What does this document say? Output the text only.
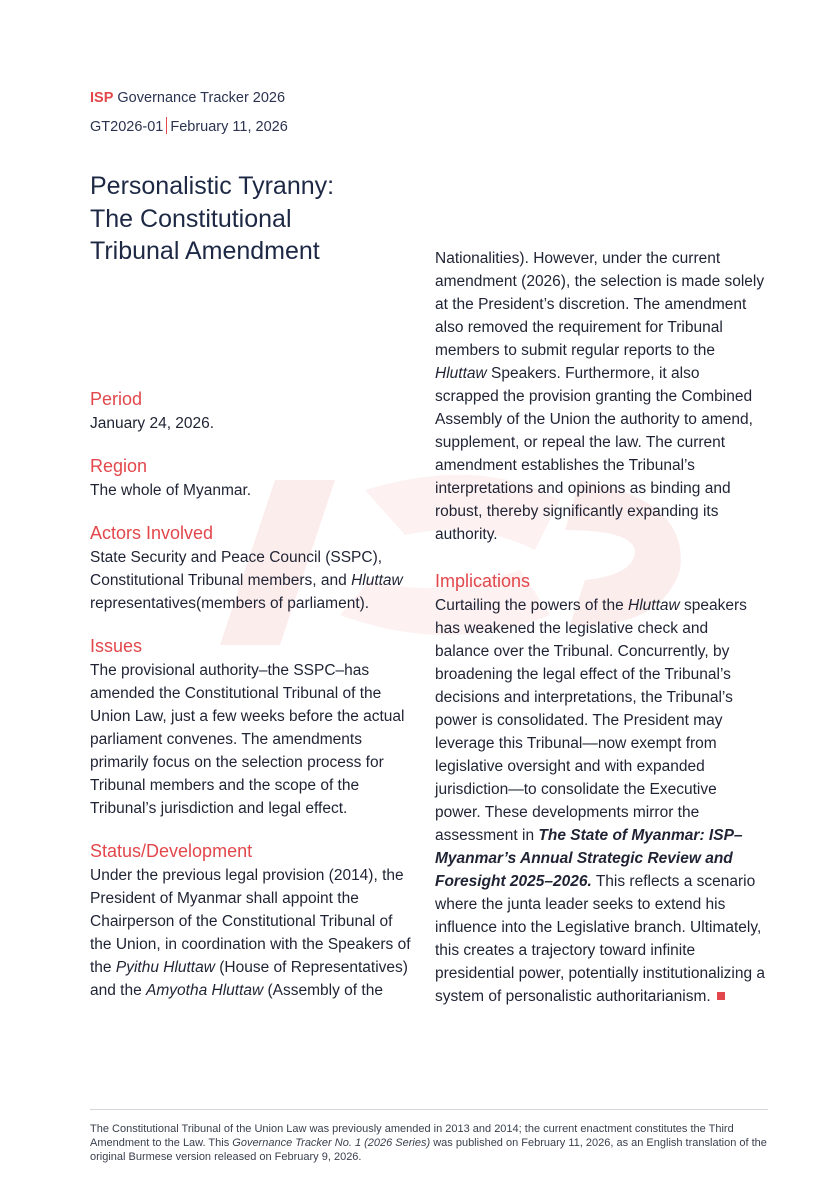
ISP Governance Tracker 2026
GT2026-01 February 11, 2026
Personalistic Tyranny:
The Constitutional
Tribunal Amendment
Period

January 24, 2026.

Region

The whole of Myanmar.

Actors Involved

State Security and Peace Council (SSPC), Constitutional Tribunal members, and Hluttaw representatives(members of parliament).

Issues

The provisional authority–the SSPC–has amended the Constitutional Tribunal of the Union Law, just a few weeks before the actual parliament convenes. The amendments primarily focus on the selection process for Tribunal members and the scope of the Tribunal’s jurisdiction and legal effect.

Status/Development

Under the previous legal provision (2014), the President of Myanmar shall appoint the Chairperson of the Constitutional Tribunal of the Union, in coordination with the Speakers of the Pyithu Hluttaw (House of Representatives) and the Amyotha Hluttaw (Assembly of the

Nationalities). However, under the current amendment (2026), the selection is made solely at the President’s discretion. The amendment also removed the requirement for Tribunal members to submit regular reports to the Hluttaw Speakers. Furthermore, it also scrapped the provision granting the Combined Assembly of the Union the authority to amend, supplement, or repeal the law. The current amendment establishes the Tribunal’s interpretations and opinions as binding and robust, thereby significantly expanding its authority.

Implications

Curtailing the powers of the Hluttaw speakers has weakened the legislative check and balance over the Tribunal. Concurrently, by broadening the legal effect of the Tribunal’s decisions and interpretations, the Tribunal’s power is consolidated. The President may leverage this Tribunal—now exempt from legislative oversight and with expanded jurisdiction—to consolidate the Executive power. These developments mirror the assessment in The State of Myanmar: ISP–Myanmar’s Annual Strategic Review and Foresight 2025–2026. This reflects a scenario where the junta leader seeks to extend his influence into the Legislative branch. Ultimately, this creates a trajectory toward infinite presidential power, potentially institutionalizing a system of personalistic authoritarianism.

The Constitutional Tribunal of the Union Law was previously amended in 2013 and 2014; the current enactment constitutes the Third Amendment to the Law. This Governance Tracker No. 1 (2026 Series) was published on February 11, 2026, as an English translation of the original Burmese version released on February 9, 2026.
